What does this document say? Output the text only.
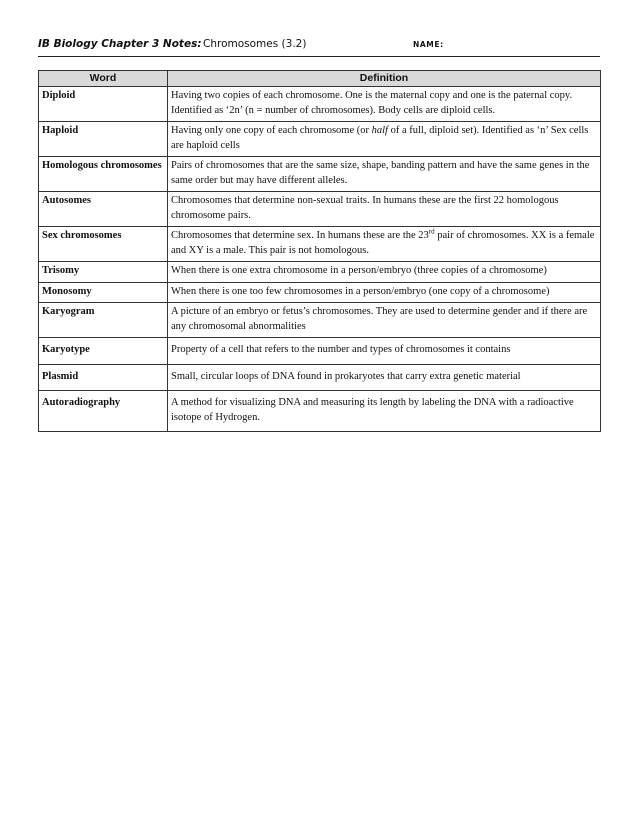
IB Biology Chapter 3 Notes: Chromosomes (3.2)	NAME:
Word	Definition
Diploid	Having two copies of each chromosome. One is the maternal copy and one is the paternal copy. Identified as ‘2n’ (n = number of chromosomes). Body cells are diploid cells.
Haploid	Having only one copy of each chromosome (or half of a full, diploid set). Identified as ‘n’ Sex cells are haploid cells
Homologous chromosomes	Pairs of chromosomes that are the same size, shape, banding pattern and have the same genes in the same order but may have different alleles.
Autosomes	Chromosomes that determine non-sexual traits. In humans these are the first 22 homologous chromosome pairs.
Sex chromosomes	Chromosomes that determine sex. In humans these are the 23rd pair of chromosomes. XX is a female and XY is a male. This pair is not homologous.
Trisomy	When there is one extra chromosome in a person/embryo (three copies of a chromosome)
Monosomy	When there is one too few chromosomes in a person/embryo (one copy of a chromosome)
Karyogram	A picture of an embryo or fetus’s chromosomes. They are used to determine gender and if there are any chromosomal abnormalities
Karyotype	Property of a cell that refers to the number and types of chromosomes it contains
Plasmid	Small, circular loops of DNA found in prokaryotes that carry extra genetic material
Autoradiography	A method for visualizing DNA and measuring its length by labeling the DNA with a radioactive isotope of Hydrogen.
